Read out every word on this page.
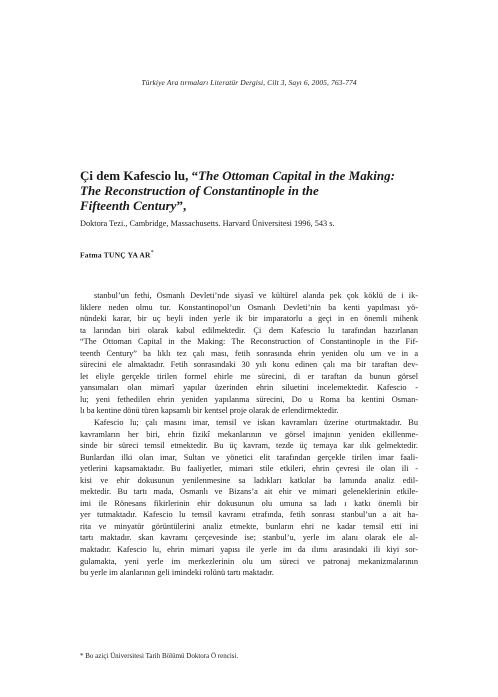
Türkiye Ara tırmaları Literatür Dergisi, Cilt 3, Sayı 6, 2005, 763-774
Çi dem Kafescio lu, “The Ottoman Capital in the Making:
The Reconstruction of Constantinople in the
Fifteenth Century”,
Doktora Tezi., Cambridge, Massachusetts. Harvard Üniversitesi 1996, 543 s.
Fatma TUNÇ YA AR*
stanbul’un fethi, Osmanlı Devleti’nde siyasî ve kültürel alanda pek çok köklü de i ik-
liklere neden olmu tur. Konstantinopol’un Osmanlı Devleti’nin ba kenti yapılması yö-
nündeki karar, bir uç beyli inden yerle ik bir imparatorlu a geçi in en önemli mihenk
ta larından biri olarak kabul edilmektedir. Çi dem Kafescio lu tarafından hazırlanan
“The Ottoman Capital in the Making: The Reconstruction of Constantinople in the Fif-
teenth Century” ba lıklı tez çalı ması, fetih sonrasında ehrin yeniden olu um ve in a
sürecini ele almaktadır. Fetih sonrasındaki 30 yılı konu edinen çalı ma bir taraftan dev-
let eliyle gerçekle tirilen formel ehirle me sürecini, di er taraftan da bunun görsel
yansımaları olan mimarî yapılar üzerinden ehrin siluetini incelemektedir. Kafescio -
lu; yeni fethedilen ehrin yeniden yapılanma sürecini, Do u Roma ba kentini Osman-
lı ba kentine dönü türen kapsamlı bir kentsel proje olarak de erlendirmektedir.
Kafescio lu; çalı masını imar, temsil ve iskan kavramları üzerine oturtmaktadır. Bu
kavramların her biri, ehrin fizikî mekanlarının ve görsel imajının yeniden ekillenme-
sinde bir süreci temsil etmektedir. Bu üç kavram, tezde üç temaya kar ılık gelmektedir.
Bunlardan ilki olan imar, Sultan ve yönetici elit tarafından gerçekle tirilen imar faali-
yetlerini kapsamaktadır. Bu faaliyetler, mimari stile etkileri, ehrin çevresi ile olan ili -
kisi ve ehir dokusunun yenilenmesine sa ladıkları katkılar ba lamında analiz edil-
mektedir. Bu tartı mada, Osmanlı ve Bizans’a ait ehir ve mimari geleneklerinin etkile-
imi ile Rönesans fikirlerinin ehir dokusunun olu umuna sa ladı ı katkı önemli bir
yer tutmaktadır. Kafescio lu temsil kavramı etrafında, fetih sonrası stanbul’un a ait ha-
rita ve minyatür görüntülerini analiz etmekte, bunların ehri ne kadar temsil etti ini
tartı maktadır. skan kavramı çerçevesinde ise; stanbul’u, yerle im alanı olarak ele al-
maktadır. Kafescio lu, ehrin mimari yapısı ile yerle im da ılımı arasındaki ili kiyi sor-
gulamakta, yeni yerle im merkezlerinin olu um süreci ve patronaj mekanizmalarının
bu yerle im alanlarının geli imindeki rolünü tartı maktadır.
* Bo aziçi Üniversitesi Tarih Bölümü Doktora Ö rencisi.
